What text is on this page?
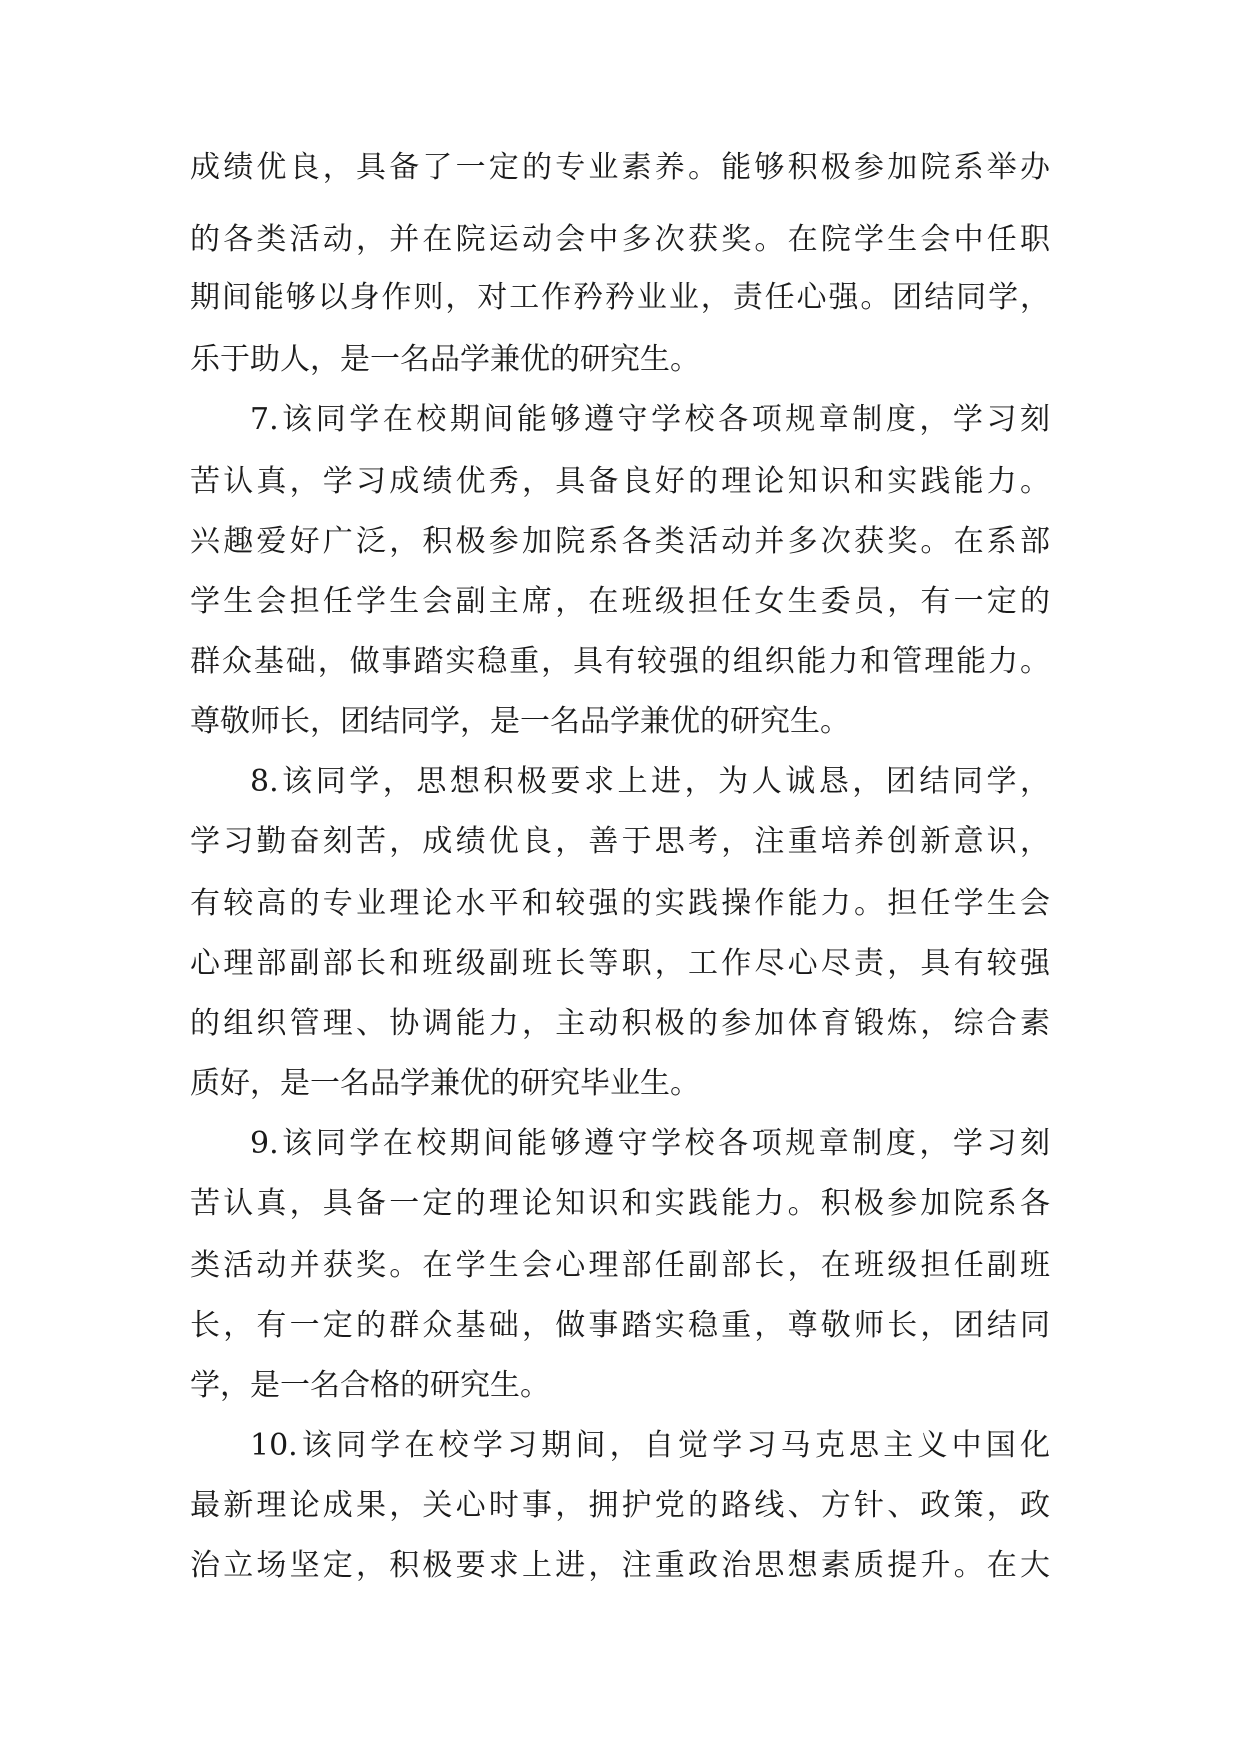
成绩优良，具备了一定的专业素养。能够积极参加院系举办
的各类活动，并在院运动会中多次获奖。在院学生会中任职
期间能够以身作则，对工作矜矜业业，责任心强。团结同学，
乐于助人，是一名品学兼优的研究生。
7.该同学在校期间能够遵守学校各项规章制度，学习刻
苦认真，学习成绩优秀，具备良好的理论知识和实践能力。
兴趣爱好广泛，积极参加院系各类活动并多次获奖。在系部
学生会担任学生会副主席，在班级担任女生委员，有一定的
群众基础，做事踏实稳重，具有较强的组织能力和管理能力。
尊敬师长，团结同学，是一名品学兼优的研究生。
8.该同学，思想积极要求上进，为人诚恳，团结同学，
学习勤奋刻苦，成绩优良，善于思考，注重培养创新意识，
有较高的专业理论水平和较强的实践操作能力。担任学生会
心理部副部长和班级副班长等职，工作尽心尽责，具有较强
的组织管理、协调能力，主动积极的参加体育锻炼，综合素
质好，是一名品学兼优的研究毕业生。
9.该同学在校期间能够遵守学校各项规章制度，学习刻
苦认真，具备一定的理论知识和实践能力。积极参加院系各
类活动并获奖。在学生会心理部任副部长，在班级担任副班
长，有一定的群众基础，做事踏实稳重，尊敬师长，团结同
学，是一名合格的研究生。
10.该同学在校学习期间，自觉学习马克思主义中国化
最新理论成果，关心时事，拥护党的路线、方针、政策，政
治立场坚定，积极要求上进，注重政治思想素质提升。在大
